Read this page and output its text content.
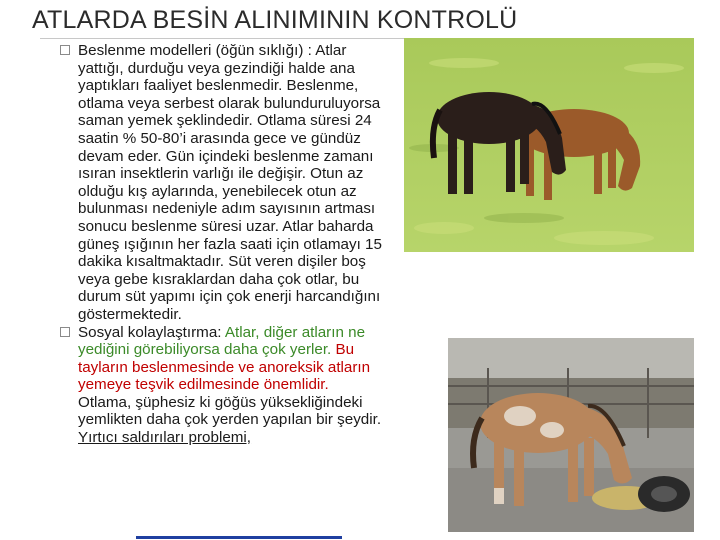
ATLARDA BESİN ALINIMININ KONTROLÜ

Beslenme modelleri (öğün sıklığı) : Atlar yattığı, durduğu veya gezindiği halde ana yaptıkları faaliyet beslenmedir. Beslenme, otlama veya serbest olarak bulunduruluyorsa saman yemek şeklindedir. Otlama süresi 24 saatin % 50-80’i arasında gece ve gündüz devam eder. Gün içindeki beslenme zamanı ısıran insektlerin varlığı ile değişir. Otun az olduğu kış aylarında, yenebilecek otun az bulunması nedeniyle adım sayısının artması sonucu beslenme süresi uzar. Atlar baharda güneş ışığının her fazla saati için otlamayı 15 dakika kısaltmaktadır. Süt veren dişiler boş veya gebe kısraklardan daha çok otlar, bu durum süt yapımı için çok enerji harcandığını göstermektedir.

Sosyal kolaylaştırma: Atlar, diğer atların ne yediğini görebiliyorsa daha çok yerler. Bu tayların beslenmesinde ve anoreksik atların yemeye teşvik edilmesinde önemlidir. Otlama, şüphesiz ki göğüs yüksekliğindeki yemlikten daha çok yerden yapılan bir şeydir. Yırtıcı saldırıları problemi,
